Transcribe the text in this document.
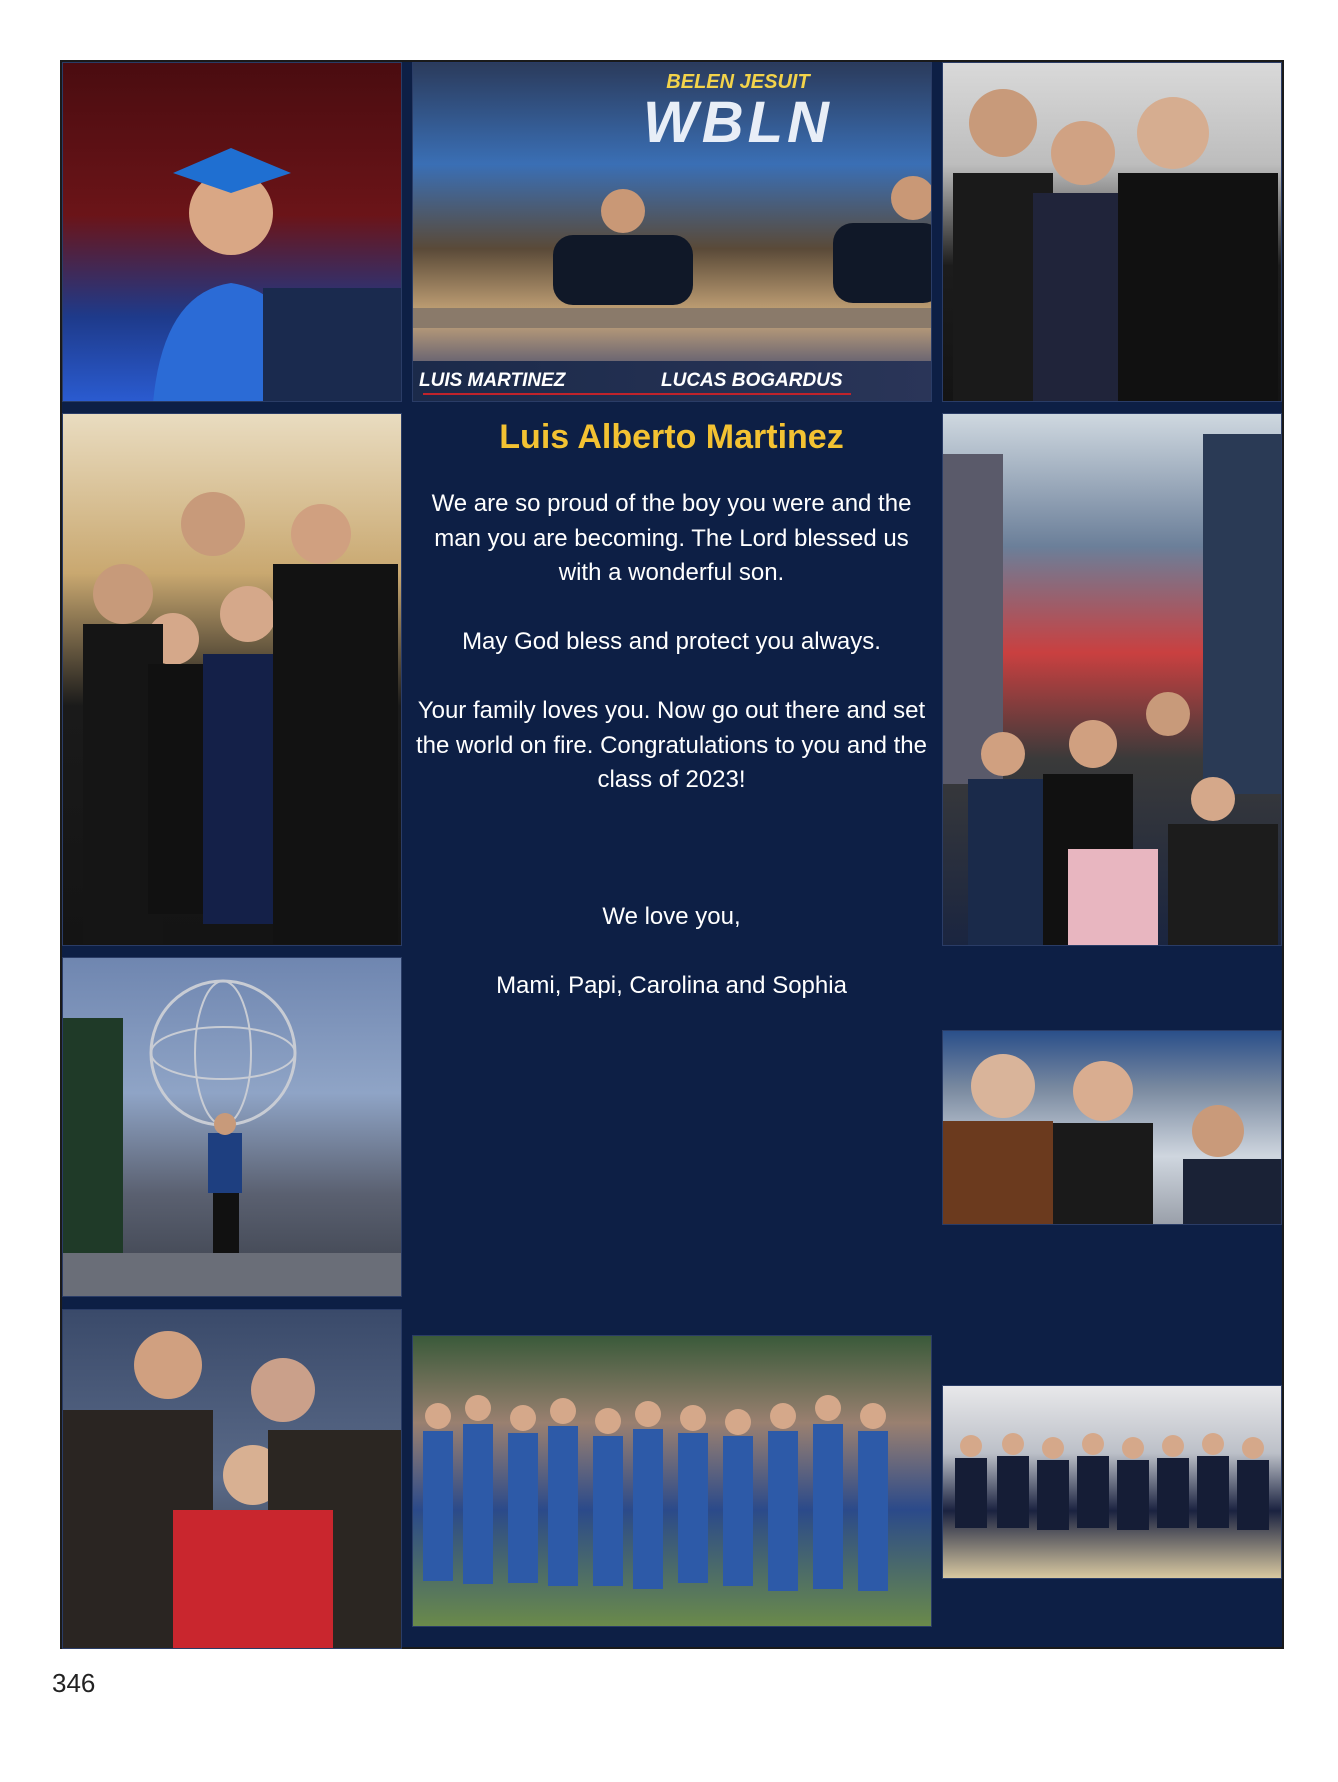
BELEN JESUIT
WBLN
LUIS MARTINEZ	LUCAS BOGARDUS
Luis Alberto Martinez

We are so proud of the boy you were and the man you are becoming. The Lord blessed us with a wonderful son.

May God bless and protect you always.

Your family loves you. Now go out there and set the world on fire. Congratulations to you and the class of 2023!

We love you,

Mami, Papi, Carolina and Sophia

346
